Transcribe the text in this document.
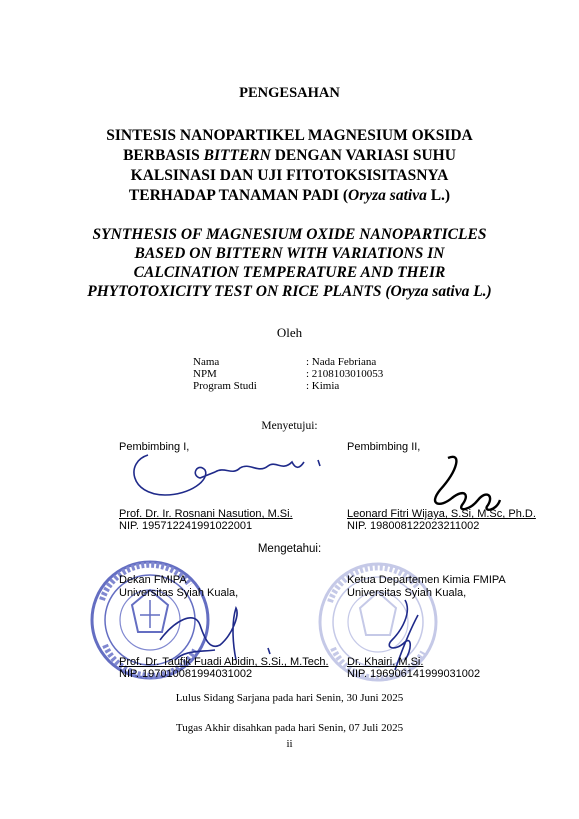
PENGESAHAN
SINTESIS NANOPARTIKEL MAGNESIUM OKSIDA
BERBASIS BITTERN DENGAN VARIASI SUHU
KALSINASI DAN UJI FITOTOKSISITASNYA
TERHADAP TANAMAN PADI (Oryza sativa L.)
SYNTHESIS OF MAGNESIUM OXIDE NANOPARTICLES
BASED ON BITTERN WITH VARIATIONS IN
CALCINATION TEMPERATURE AND THEIR
PHYTOTOXICITY TEST ON RICE PLANTS (Oryza sativa L.)
Oleh
Nama	: Nada Febriana
NPM	: 2108103010053
Program Studi	: Kimia
Menyetujui:
Pembimbing I,
Prof. Dr. Ir. Rosnani Nasution, M.Si.
NIP. 195712241991022001
Pembimbing II,
Leonard Fitri Wijaya, S.Si, M.Sc, Ph.D.
NIP. 198008122023211002
Mengetahui:
Dekan FMIPA
Universitas Syiah Kuala,
Prof. Dr. Taufik Fuadi Abidin, S.Si., M.Tech.
NIP. 197010081994031002
Ketua Departemen Kimia FMIPA
Universitas Syiah Kuala,
Dr. Khairi, M.Si.
NIP. 196906141999031002
Lulus Sidang Sarjana pada hari Senin, 30 Juni 2025
Tugas Akhir disahkan pada hari Senin, 07 Juli 2025
ii
